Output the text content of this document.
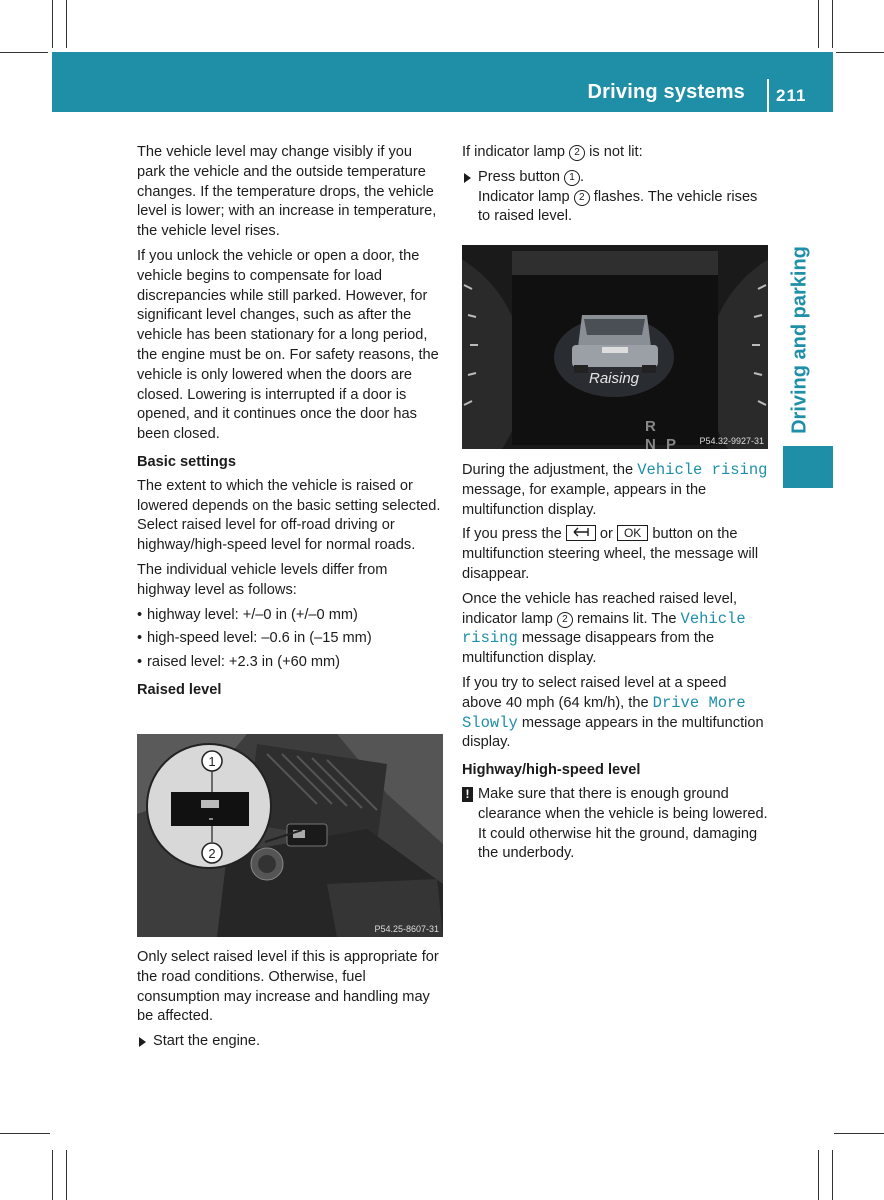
Driving systems 211
Driving and parking

The vehicle level may change visibly if you park the vehicle and the outside temperature changes. If the temperature drops, the vehicle level is lower; with an increase in temperature, the vehicle level rises.

If you unlock the vehicle or open a door, the vehicle begins to compensate for load discrepancies while still parked. However, for significant level changes, such as after the vehicle has been stationary for a long period, the engine must be on. For safety reasons, the vehicle is only lowered when the doors are closed. Lowering is interrupted if a door is opened, and it continues once the door has been closed.

Basic settings

The extent to which the vehicle is raised or lowered depends on the basic setting selected. Select raised level for off-road driving or highway/high-speed level for normal roads.

The individual vehicle levels differ from highway level as follows:

• highway level: +/–0 in (+/–0 mm)
• high-speed level: –0.6 in (–15 mm)
• raised level: +2.3 in (+60 mm)
Raised level
1
2
P54.25-8607-31

Only select raised level if this is appropriate for the road conditions. Otherwise, fuel consumption may increase and handling may be affected.

Start the engine.

If indicator lamp 2 is not lit:

Press button 1 .
Indicator lamp 2 flashes. The vehicle rises to raised level.
Raising
R
N P	P54.32-9927-31

During the adjustment, the Vehicle rising message, for example, appears in the multifunction display.

If you press the  or OK button on the multifunction steering wheel, the message will disappear.

Once the vehicle has reached raised level, indicator lamp 2 remains lit. The Vehicle rising message disappears from the multifunction display.

If you try to select raised level at a speed above 40 mph (64 km/h), the Drive More Slowly message appears in the multifunction display.

Highway/high-speed level
! Make sure that there is enough ground clearance when the vehicle is being lowered. It could otherwise hit the ground, damaging the underbody.
